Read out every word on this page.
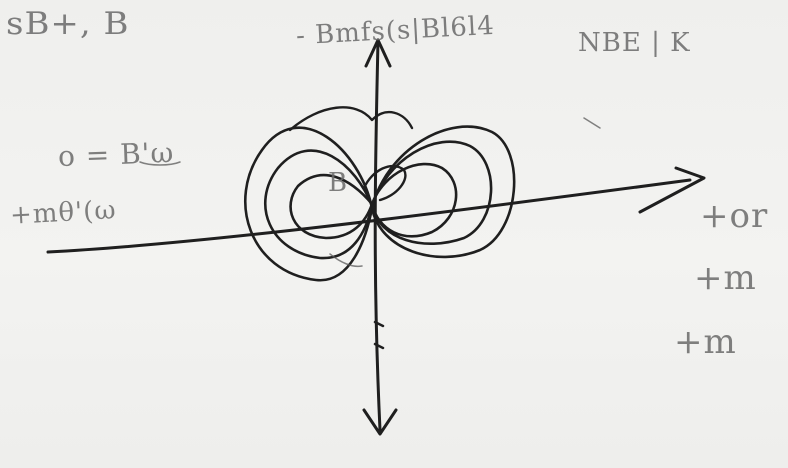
sB+, B	- Bmfs(s|Bl6l4	NBE | K
o = B'ω
+mθ'(ω
B
+or
+m
+m
